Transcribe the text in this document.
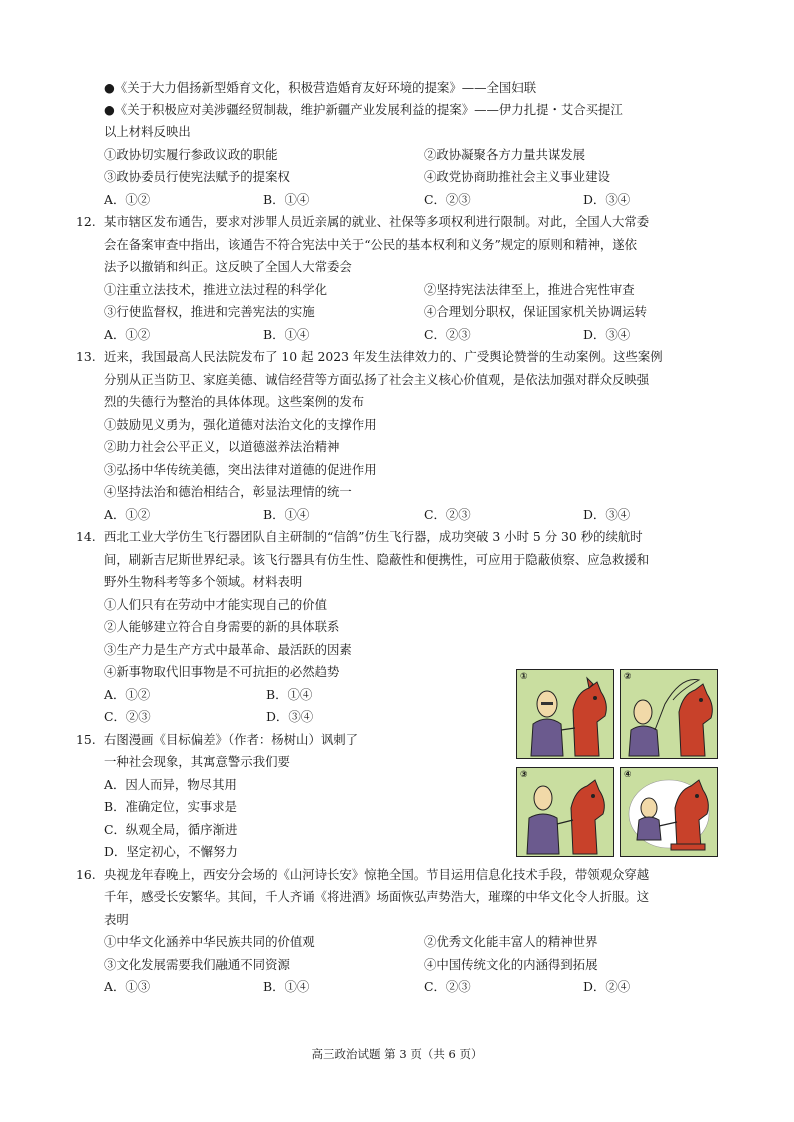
●《关于大力倡扬新型婚育文化，积极营造婚育友好环境的提案》——全国妇联
●《关于积极应对美涉疆经贸制裁，维护新疆产业发展利益的提案》——伊力扎提・艾合买提江
以上材料反映出
①政协切实履行参政议政的职能	②政协凝聚各方力量共谋发展
③政协委员行使宪法赋予的提案权	④政党协商助推社会主义事业建设
A．①②	B．①④	C．②③	D．③④
12. 某市辖区发布通告，要求对涉罪人员近亲属的就业、社保等多项权利进行限制。对此，全国人大常委
会在备案审查中指出，该通告不符合宪法中关于“公民的基本权利和义务”规定的原则和精神，遂依
法予以撤销和纠正。这反映了全国人大常委会
①注重立法技术，推进立法过程的科学化	②坚持宪法法律至上，推进合宪性审查
③行使监督权，推进和完善宪法的实施	④合理划分职权，保证国家机关协调运转
A．①②	B．①④	C．②③	D．③④
13. 近来，我国最高人民法院发布了 10 起 2023 年发生法律效力的、广受舆论赞誉的生动案例。这些案例
分别从正当防卫、家庭美德、诚信经营等方面弘扬了社会主义核心价值观，是依法加强对群众反映强
烈的失德行为整治的具体体现。这些案例的发布
①鼓励见义勇为，强化道德对法治文化的支撑作用
②助力社会公平正义，以道德滋养法治精神
③弘扬中华传统美德，突出法律对道德的促进作用
④坚持法治和德治相结合，彰显法理情的统一
A．①②	B．①④	C．②③	D．③④
14. 西北工业大学仿生飞行器团队自主研制的“信鸽”仿生飞行器，成功突破 3 小时 5 分 30 秒的续航时
间，刷新吉尼斯世界纪录。该飞行器具有仿生性、隐蔽性和便携性，可应用于隐蔽侦察、应急救援和
野外生物科考等多个领域。材料表明
①人们只有在劳动中才能实现自己的价值
②人能够建立符合自身需要的新的具体联系
③生产力是生产方式中最革命、最活跃的因素
④新事物取代旧事物是不可抗拒的必然趋势
A．①②	B．①④
C．②③	D．③④
15. 右图漫画《目标偏差》（作者：杨树山）讽刺了
一种社会现象，其寓意警示我们要
A．因人而异，物尽其用
B．准确定位，实事求是
C．纵观全局，循序渐进
D．坚定初心，不懈努力
①	②
③	④
16. 央视龙年春晚上，西安分会场的《山河诗长安》惊艳全国。节目运用信息化技术手段，带领观众穿越
千年，感受长安繁华。其间，千人齐诵《将进酒》场面恢弘声势浩大，璀璨的中华文化令人折服。这
表明
①中华文化涵养中华民族共同的价值观	②优秀文化能丰富人的精神世界
③文化发展需要我们融通不同资源	④中国传统文化的内涵得到拓展
A．①③	B．①④	C．②③	D．②④
高三政治试题 第 3 页（共 6 页）
